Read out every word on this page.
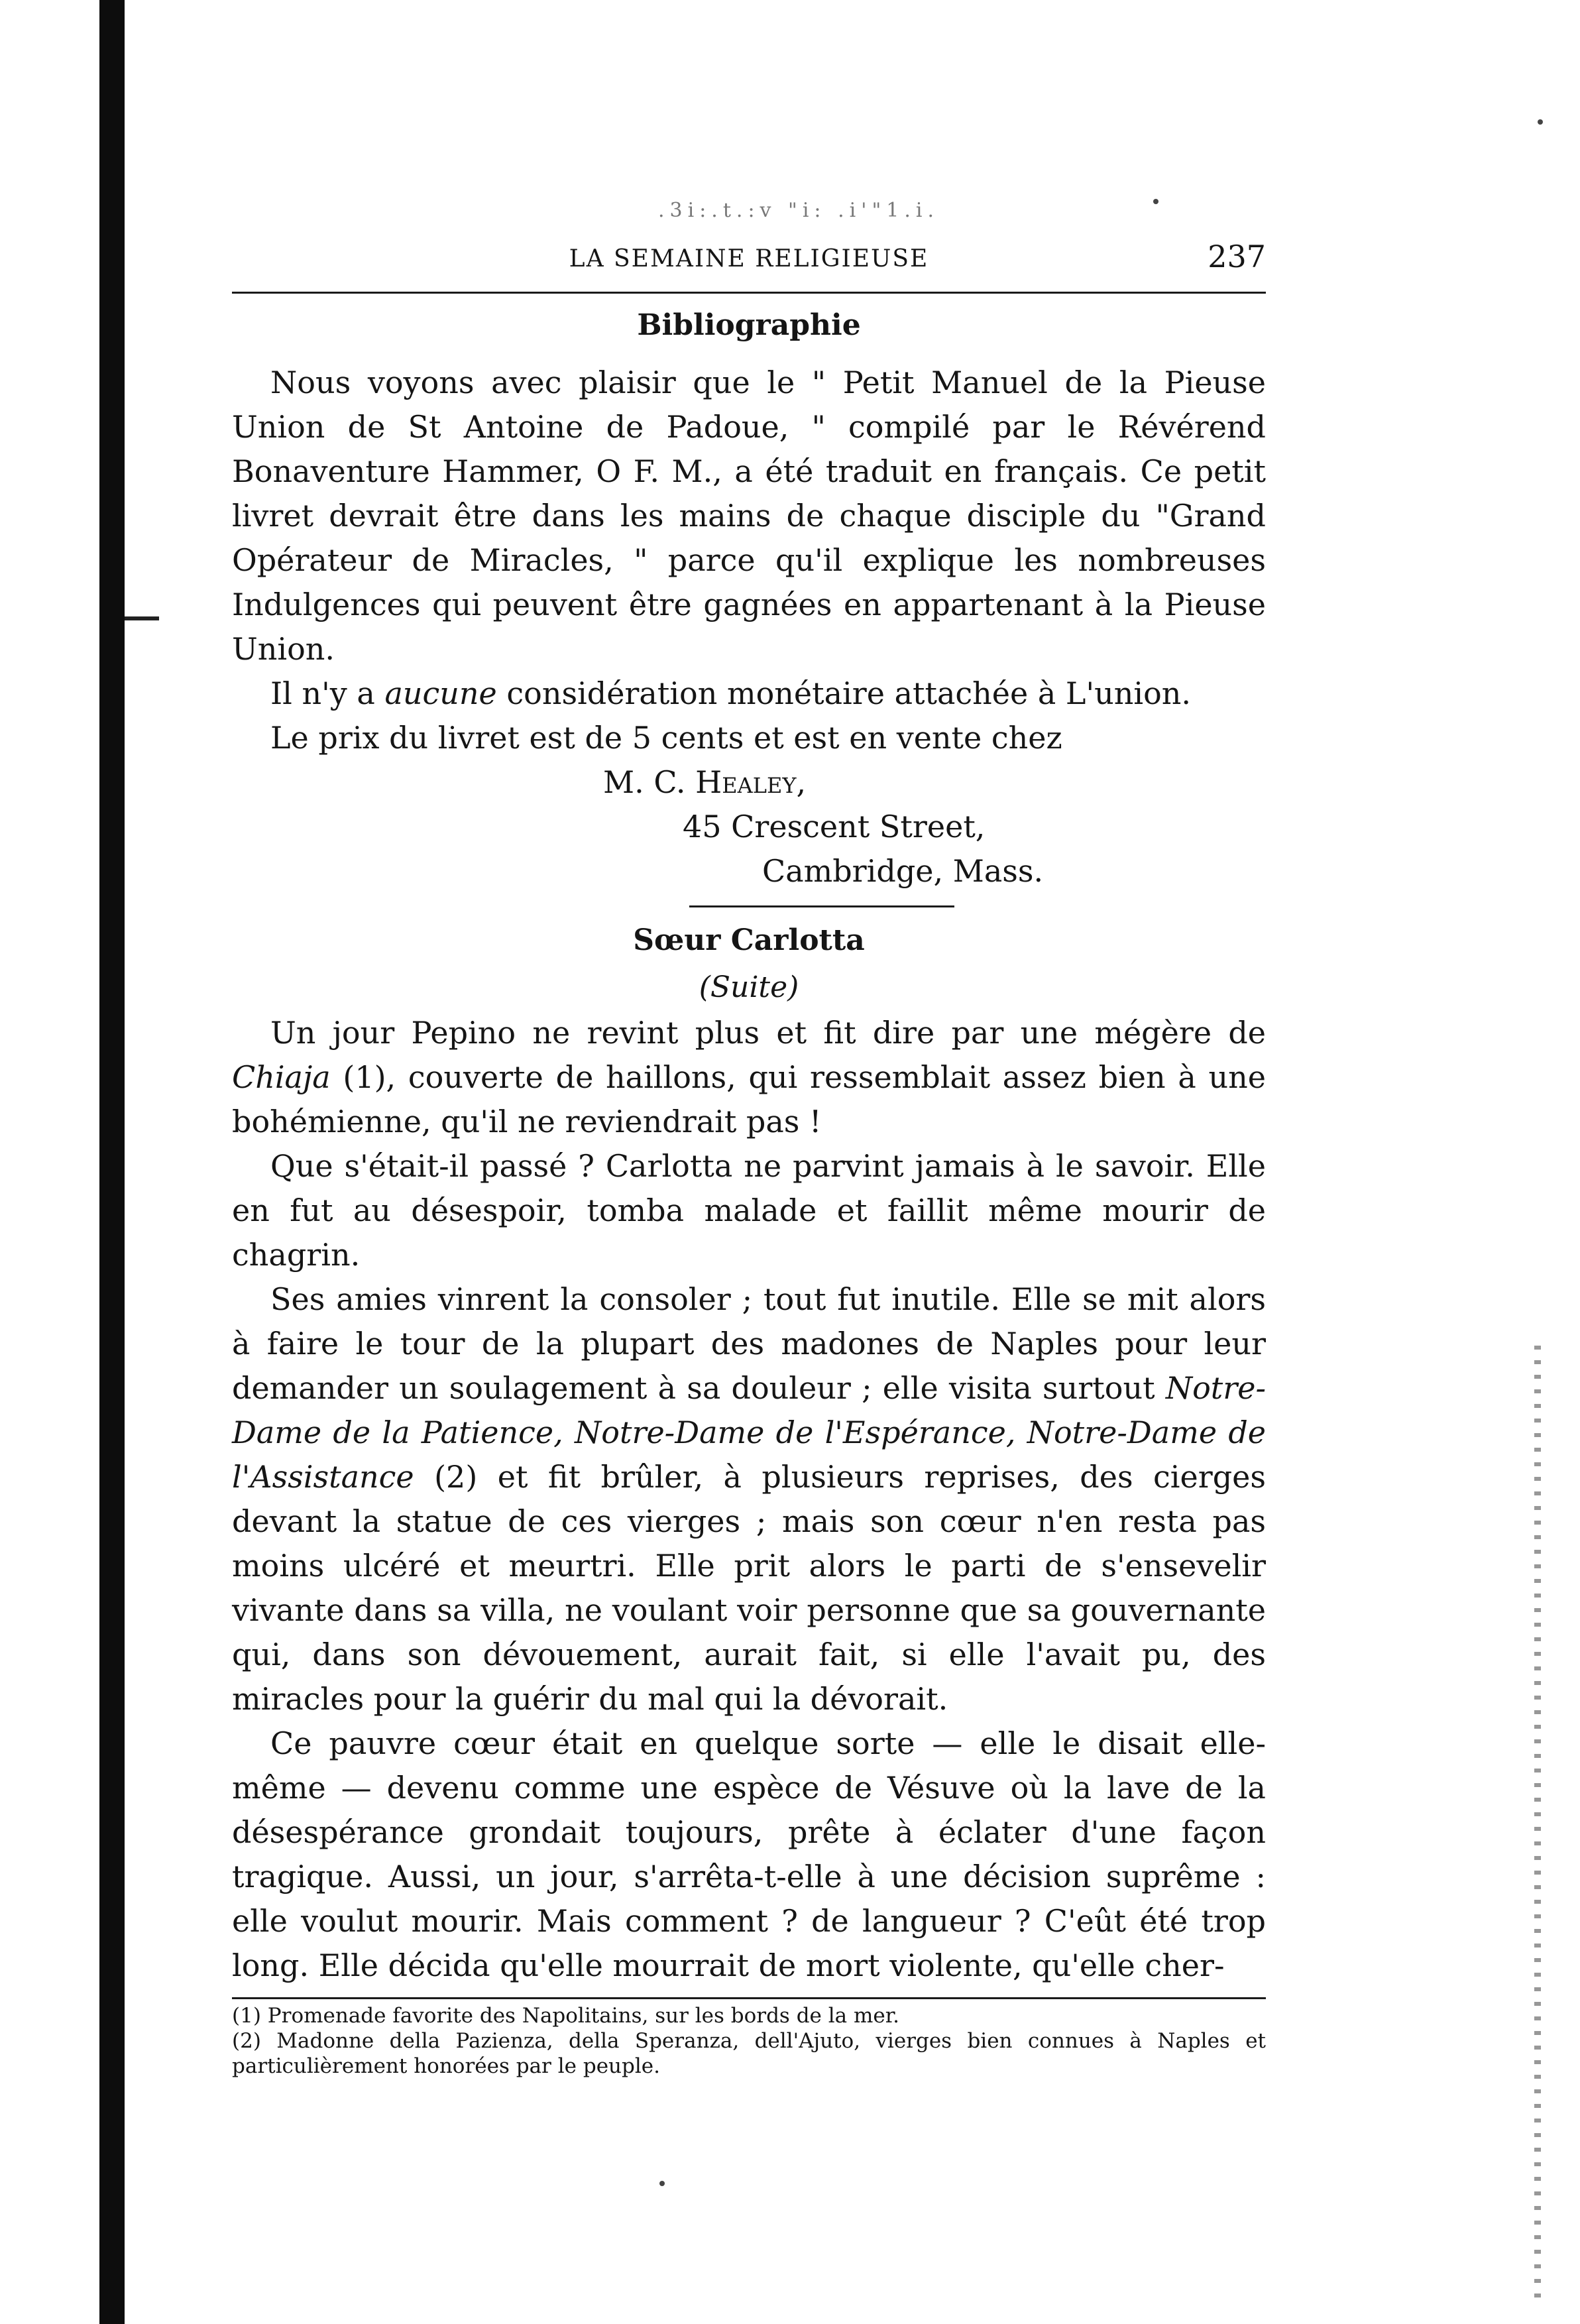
.3i:.t.:v "i: .i'"1.i.
LA SEMAINE RELIGIEUSE	237
Bibliographie

Nous voyons avec plaisir que le " Petit Manuel de la Pieuse Union de St Antoine de Padoue, " compilé par le Révérend Bonaventure Hammer, O F. M., a été traduit en français. Ce petit livret devrait être dans les mains de chaque disciple du "Grand Opérateur de Miracles, " parce qu'il explique les nombreuses Indulgences qui peuvent être gagnées en appartenant à la Pieuse Union.

Il n'y a aucune considération monétaire attachée à L'union.

Le prix du livret est de 5 cents et est en vente chez

M. C. Healey,
45 Crescent Street,
Cambridge, Mass.
Sœur Carlotta
(Suite)

Un jour Pepino ne revint plus et fit dire par une mégère de Chiaja (1), couverte de haillons, qui ressemblait assez bien à une bohémienne, qu'il ne reviendrait pas !

Que s'était-il passé ? Carlotta ne parvint jamais à le savoir. Elle en fut au désespoir, tomba malade et faillit même mourir de chagrin.

Ses amies vinrent la consoler ; tout fut inutile. Elle se mit alors à faire le tour de la plupart des madones de Naples pour leur demander un soulagement à sa douleur ; elle visita surtout Notre-Dame de la Patience, Notre-Dame de l'Espérance, Notre-Dame de l'Assistance (2) et fit brûler, à plusieurs reprises, des cierges devant la statue de ces vierges ; mais son cœur n'en resta pas moins ulcéré et meurtri. Elle prit alors le parti de s'ensevelir vivante dans sa villa, ne voulant voir personne que sa gouvernante qui, dans son dévouement, aurait fait, si elle l'avait pu, des miracles pour la guérir du mal qui la dévorait.

Ce pauvre cœur était en quelque sorte — elle le disait elle-même — devenu comme une espèce de Vésuve où la lave de la désespérance grondait toujours, prête à éclater d'une façon tragique. Aussi, un jour, s'arrêta-t-elle à une décision suprême : elle voulut mourir. Mais comment ? de langueur ? C'eût été trop long. Elle décida qu'elle mourrait de mort violente, qu'elle cher-

(1) Promenade favorite des Napolitains, sur les bords de la mer.

(2) Madonne della Pazienza, della Speranza, dell'Ajuto, vierges bien connues à Naples et particulièrement honorées par le peuple.
